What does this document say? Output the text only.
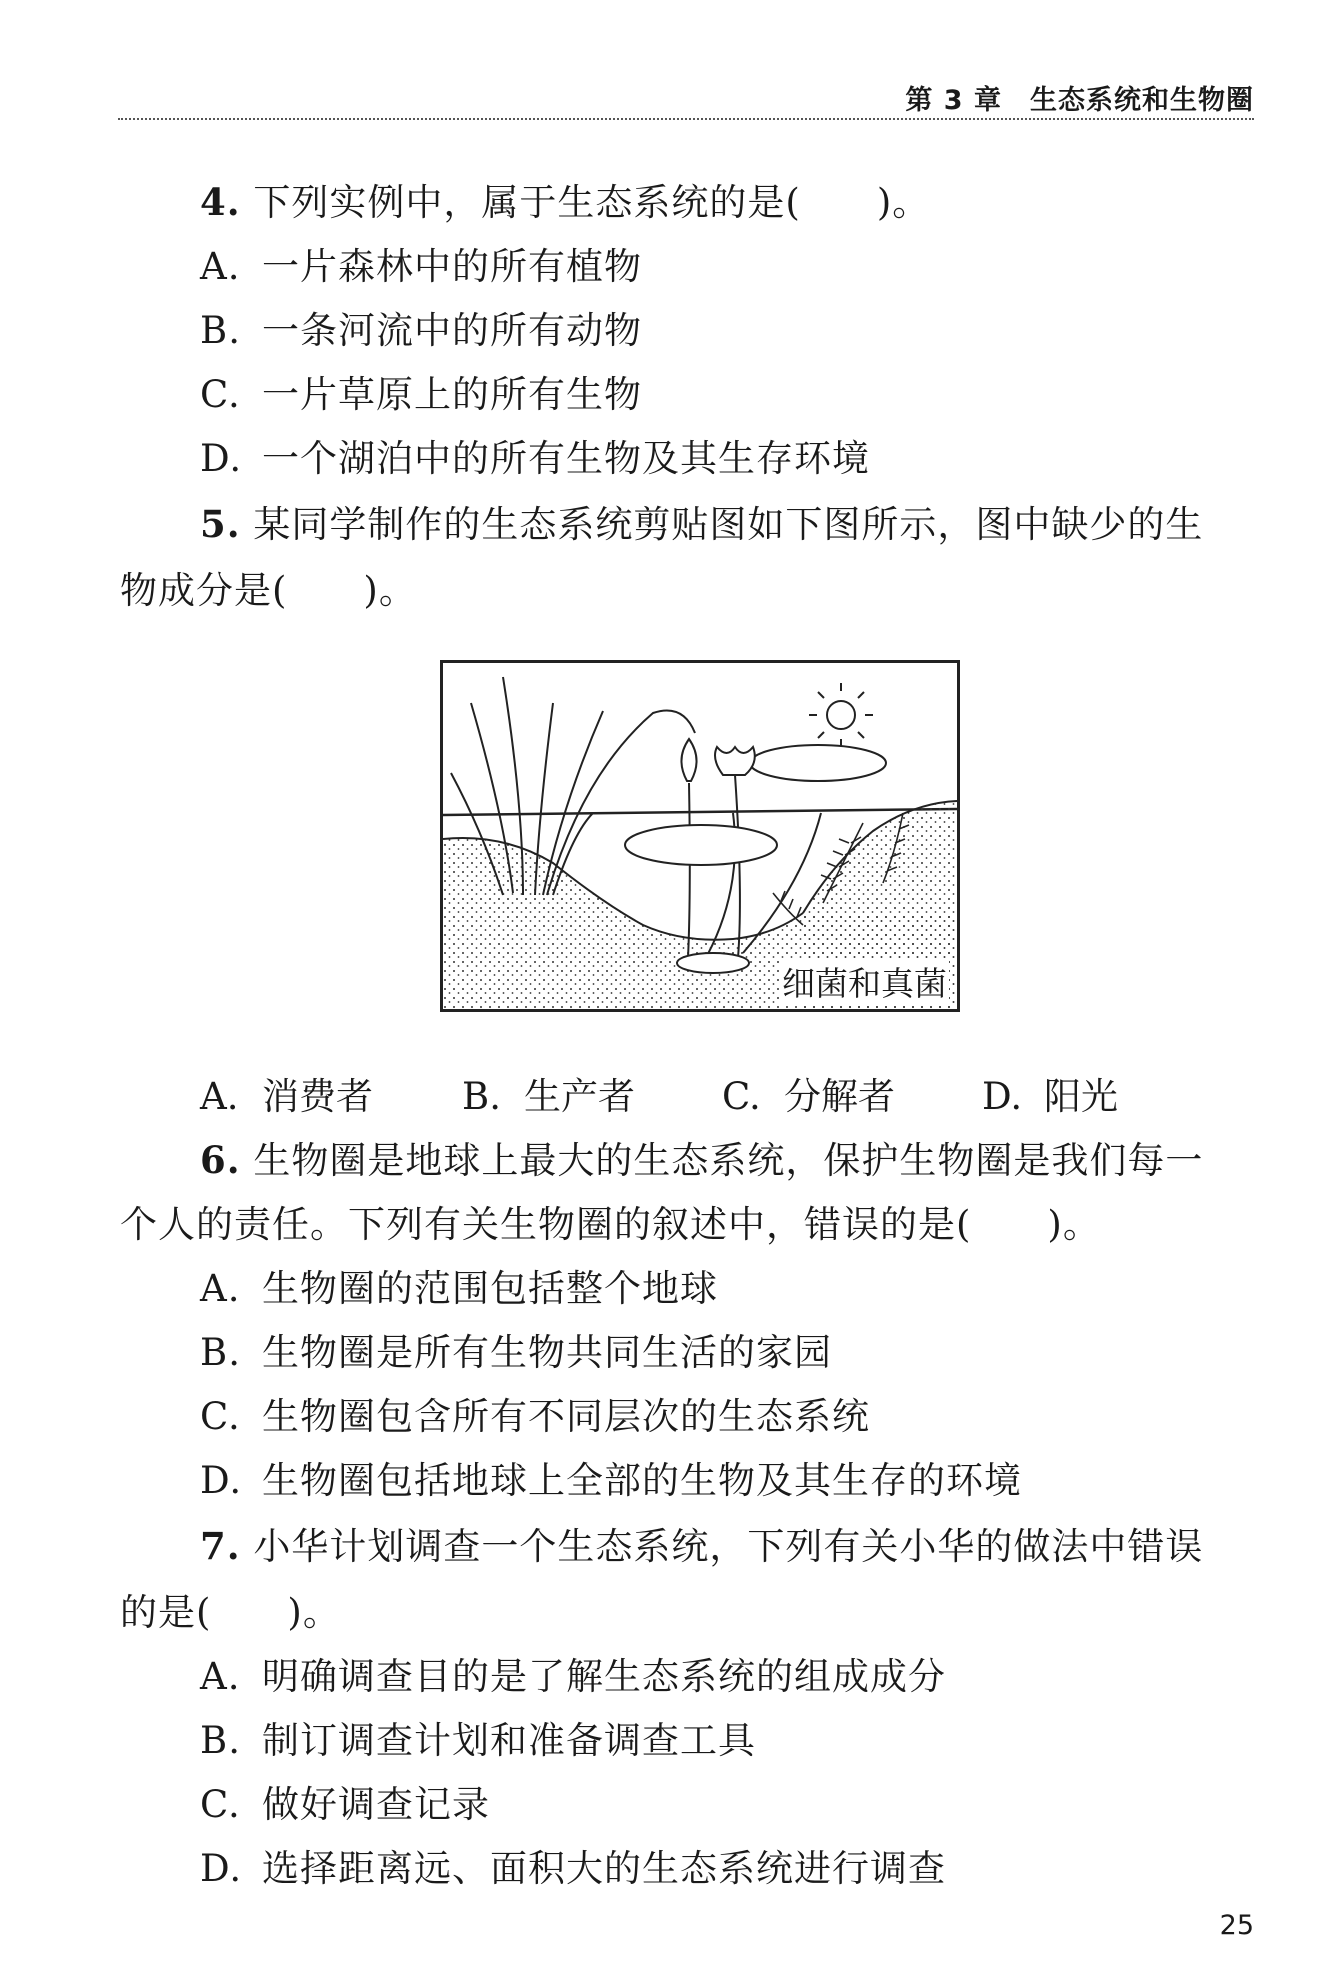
第 3 章 生态系统和生物圈
4. 下列实例中，属于生态系统的是(　　)。
A. 一片森林中的所有植物
B. 一条河流中的所有动物
C. 一片草原上的所有生物
D. 一个湖泊中的所有生物及其生存环境
5. 某同学制作的生态系统剪贴图如下图所示，图中缺少的生
物成分是(　　)。
细菌和真菌
A. 消费者 B. 生产者 C. 分解者 D. 阳光
6. 生物圈是地球上最大的生态系统，保护生物圈是我们每一
个人的责任。下列有关生物圈的叙述中，错误的是(　　)。
A. 生物圈的范围包括整个地球
B. 生物圈是所有生物共同生活的家园
C. 生物圈包含所有不同层次的生态系统
D. 生物圈包括地球上全部的生物及其生存的环境
7. 小华计划调查一个生态系统，下列有关小华的做法中错误
的是(　　)。
A. 明确调查目的是了解生态系统的组成成分
B. 制订调查计划和准备调查工具
C. 做好调查记录
D. 选择距离远、面积大的生态系统进行调查
25
